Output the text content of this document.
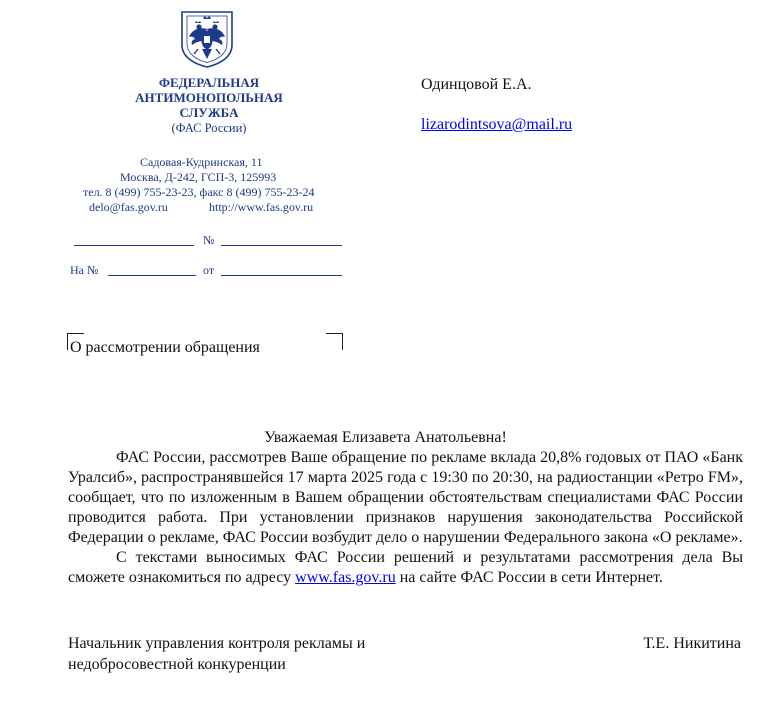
ФЕДЕРАЛЬНАЯ
АНТИМОНОПОЛЬНАЯ
СЛУЖБА
(ФАС России)
Садовая-Кудринская, 11
Москва, Д-242, ГСП-3, 125993
тел. 8 (499) 755-23-23, факс 8 (499) 755-23-24
delo@fas.gov.ru	http://www.fas.gov.ru
№
На №	от
Одинцовой Е.А.
lizarodintsova@mail.ru
О рассмотрении обращения
Уважаемая Елизавета Анатольевна!

ФАС России, рассмотрев Ваше обращение по рекламе вклада 20,8% годовых от ПАО «Банк Уралсиб», распространявшейся 17 марта 2025 года с 19:30 по 20:30, на радиостанции «Ретро FM», сообщает, что по изложенным в Вашем обращении обстоятельствам специалистами ФАС России проводится работа. При установлении признаков нарушения законодательства Российской Федерации о рекламе, ФАС России возбудит дело о нарушении Федерального закона «О рекламе».

С текстами выносимых ФАС России решений и результатами рассмотрения дела Вы сможете ознакомиться по адресу www.fas.gov.ru на сайте ФАС России в сети Интернет.

Начальник управления контроля рекламы и
недобросовестной конкуренции
Т.Е. Никитина
